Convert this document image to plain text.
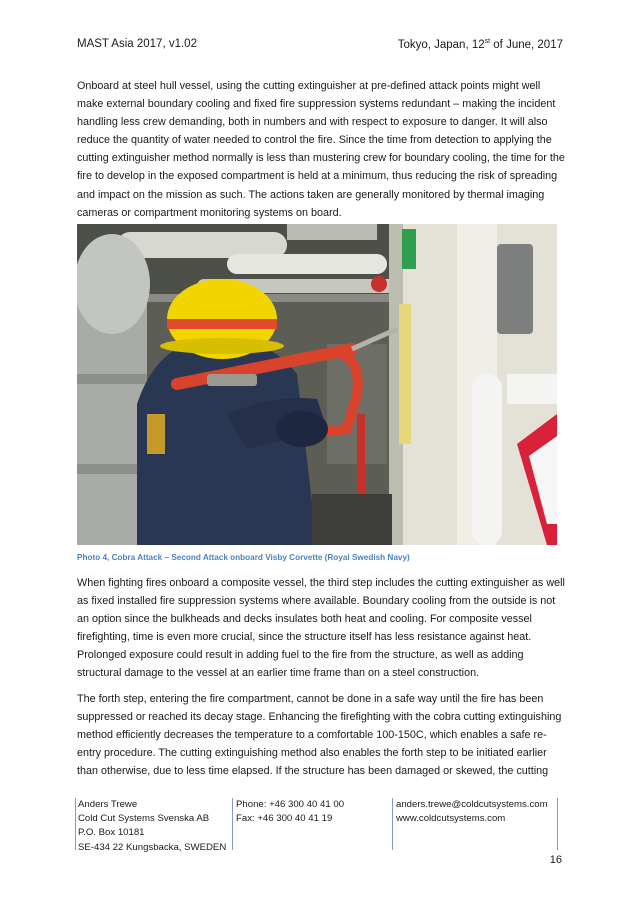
MAST Asia 2017, v1.02	Tokyo, Japan, 12st of June, 2017

Onboard at steel hull vessel, using the cutting extinguisher at pre-defined attack points might well make external boundary cooling and fixed fire suppression systems redundant – making the incident handling less crew demanding, both in numbers and with respect to exposure to danger. It will also reduce the quantity of water needed to control the fire. Since the time from detection to applying the cutting extinguisher method normally is less than mustering crew for boundary cooling, the time for the fire to develop in the exposed compartment is held at a minimum, thus reducing the risk of spreading and impact on the mission as such. The actions taken are generally monitored by thermal imaging cameras or compartment monitoring systems on board.

Photo 4, Cobra Attack – Second Attack onboard Visby Corvette (Royal Swedish Navy)

When fighting fires onboard a composite vessel, the third step includes the cutting extinguisher as well as fixed installed fire suppression systems where available. Boundary cooling from the outside is not an option since the bulkheads and decks insulates both heat and cooling. For composite vessel firefighting, time is even more crucial, since the structure itself has less resistance against heat. Prolonged exposure could result in adding fuel to the fire from the structure, as well as adding structural damage to the vessel at an earlier time frame than on a steel construction.

The forth step, entering the fire compartment, cannot be done in a safe way until the fire has been suppressed or reached its decay stage. Enhancing the firefighting with the cobra cutting extinguishing method efficiently decreases the temperature to a comfortable 100-150C, which enables a safe re-entry procedure. The cutting extinguishing method also enables the forth step to be initiated earlier than otherwise, due to less time elapsed. If the structure has been damaged or skewed, the cutting

Anders Trewe
Cold Cut Systems Svenska AB
P.O. Box 10181
SE-434 22 Kungsbacka, SWEDEN
Phone: +46 300 40 41 00
Fax: +46 300 40 41 19
anders.trewe@coldcutsystems.com
www.coldcutsystems.com
16
